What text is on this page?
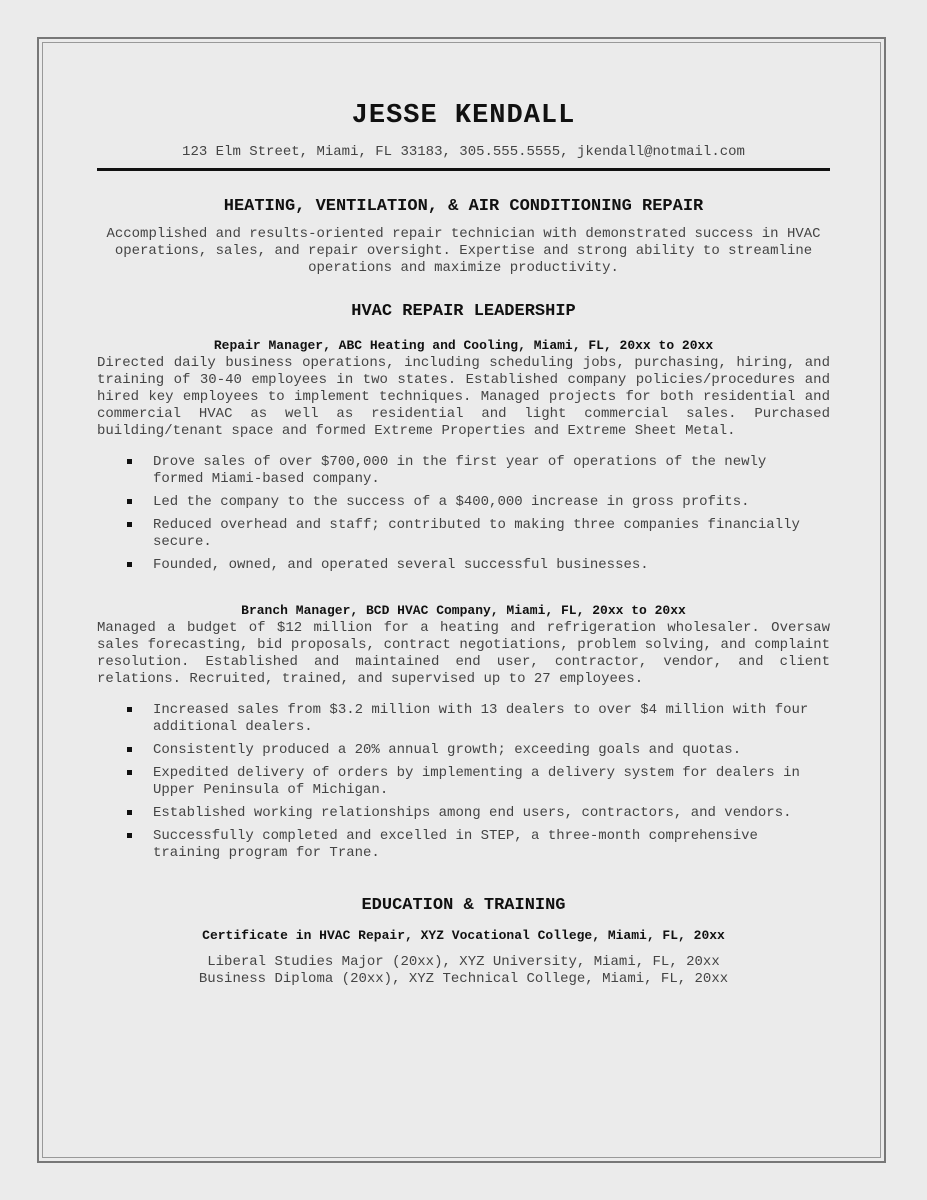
JESSE KENDALL
123 Elm Street, Miami, FL 33183, 305.555.5555, jkendall@notmail.com
HEATING, VENTILATION, & AIR CONDITIONING REPAIR
Accomplished and results-oriented repair technician with demonstrated success in HVAC operations, sales, and repair oversight. Expertise and strong ability to streamline operations and maximize productivity.
HVAC REPAIR LEADERSHIP
Repair Manager, ABC Heating and Cooling, Miami, FL, 20xx to 20xx
Directed daily business operations, including scheduling jobs, purchasing, hiring, and training of 30-40 employees in two states. Established company policies/procedures and hired key employees to implement techniques. Managed projects for both residential and commercial HVAC as well as residential and light commercial sales. Purchased building/tenant space and formed Extreme Properties and Extreme Sheet Metal.
Drove sales of over $700,000 in the first year of operations of the newly formed Miami-based company.
Led the company to the success of a $400,000 increase in gross profits.
Reduced overhead and staff; contributed to making three companies financially secure.
Founded, owned, and operated several successful businesses.
Branch Manager, BCD HVAC Company, Miami, FL, 20xx to 20xx
Managed a budget of $12 million for a heating and refrigeration wholesaler. Oversaw sales forecasting, bid proposals, contract negotiations, problem solving, and complaint resolution. Established and maintained end user, contractor, vendor, and client relations. Recruited, trained, and supervised up to 27 employees.
Increased sales from $3.2 million with 13 dealers to over $4 million with four additional dealers.
Consistently produced a 20% annual growth; exceeding goals and quotas.
Expedited delivery of orders by implementing a delivery system for dealers in Upper Peninsula of Michigan.
Established working relationships among end users, contractors, and vendors.
Successfully completed and excelled in STEP, a three-month comprehensive training program for Trane.
EDUCATION & TRAINING
Certificate in HVAC Repair, XYZ Vocational College, Miami, FL, 20xx
Liberal Studies Major (20xx), XYZ University, Miami, FL, 20xx
Business Diploma (20xx), XYZ Technical College, Miami, FL, 20xx
